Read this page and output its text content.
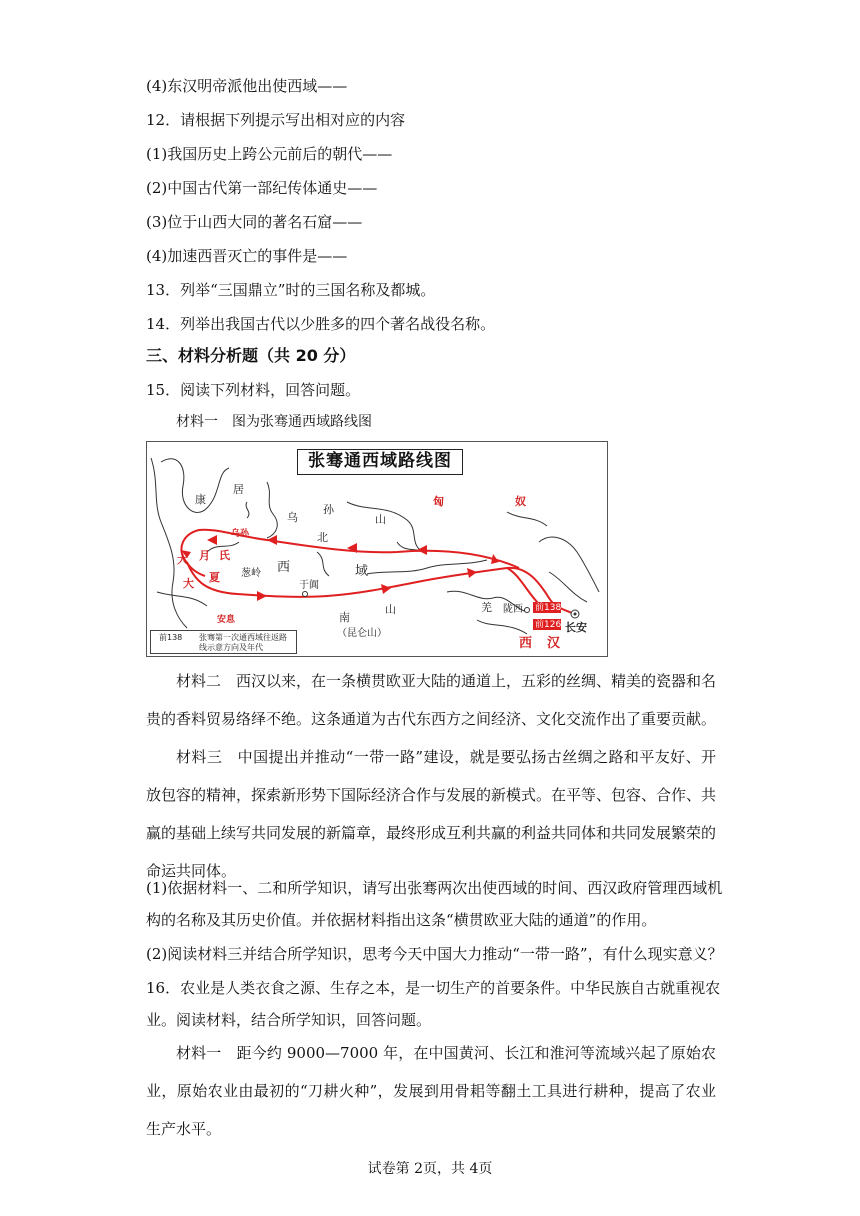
(4)东汉明帝派他出使西域——
12．请根据下列提示写出相对应的内容
(1)我国历史上跨公元前后的朝代——
(2)中国古代第一部纪传体通史——
(3)位于山西大同的著名石窟——
(4)加速西晋灭亡的事件是——
13．列举“三国鼎立”时的三国名称及都城。
14．列举出我国古代以少胜多的四个著名战役名称。
三、材料分析题（共 20 分）
15．阅读下列材料，回答问题。
材料一　图为张骞通西域路线图
张骞通西域路线图
康
居
乌
孙
山
匈	奴
北
西	域
南
山
（昆仑山）
葱岭
于阗
羌 陇西
长安
西 汉
大 月 氏
大 夏
乌孙
安息
前138
前126
前138 张骞第一次通西域往返路线示意方向及年代

材料二　西汉以来，在一条横贯欧亚大陆的通道上，五彩的丝绸、精美的瓷器和名贵的香料贸易络绎不绝。这条通道为古代东西方之间经济、文化交流作出了重要贡献。

材料三　中国提出并推动“一带一路”建设，就是要弘扬古丝绸之路和平友好、开放包容的精神，探索新形势下国际经济合作与发展的新模式。在平等、包容、合作、共赢的基础上续写共同发展的新篇章，最终形成互利共赢的利益共同体和共同发展繁荣的命运共同体。

(1)依据材料一、二和所学知识，请写出张骞两次出使西域的时间、西汉政府管理西域机
构的名称及其历史价值。并依据材料指出这条“横贯欧亚大陆的通道”的作用。
(2)阅读材料三并结合所学知识，思考今天中国大力推动“一带一路”，有什么现实意义？
16．农业是人类衣食之源、生存之本，是一切生产的首要条件。中华民族自古就重视农
业。阅读材料，结合所学知识，回答问题。

材料一　距今约 9000—7000 年，在中国黄河、长江和淮河等流域兴起了原始农业，原始农业由最初的“刀耕火种”，发展到用骨耜等翻土工具进行耕种，提高了农业生产水平。

试卷第 2页，共 4页
